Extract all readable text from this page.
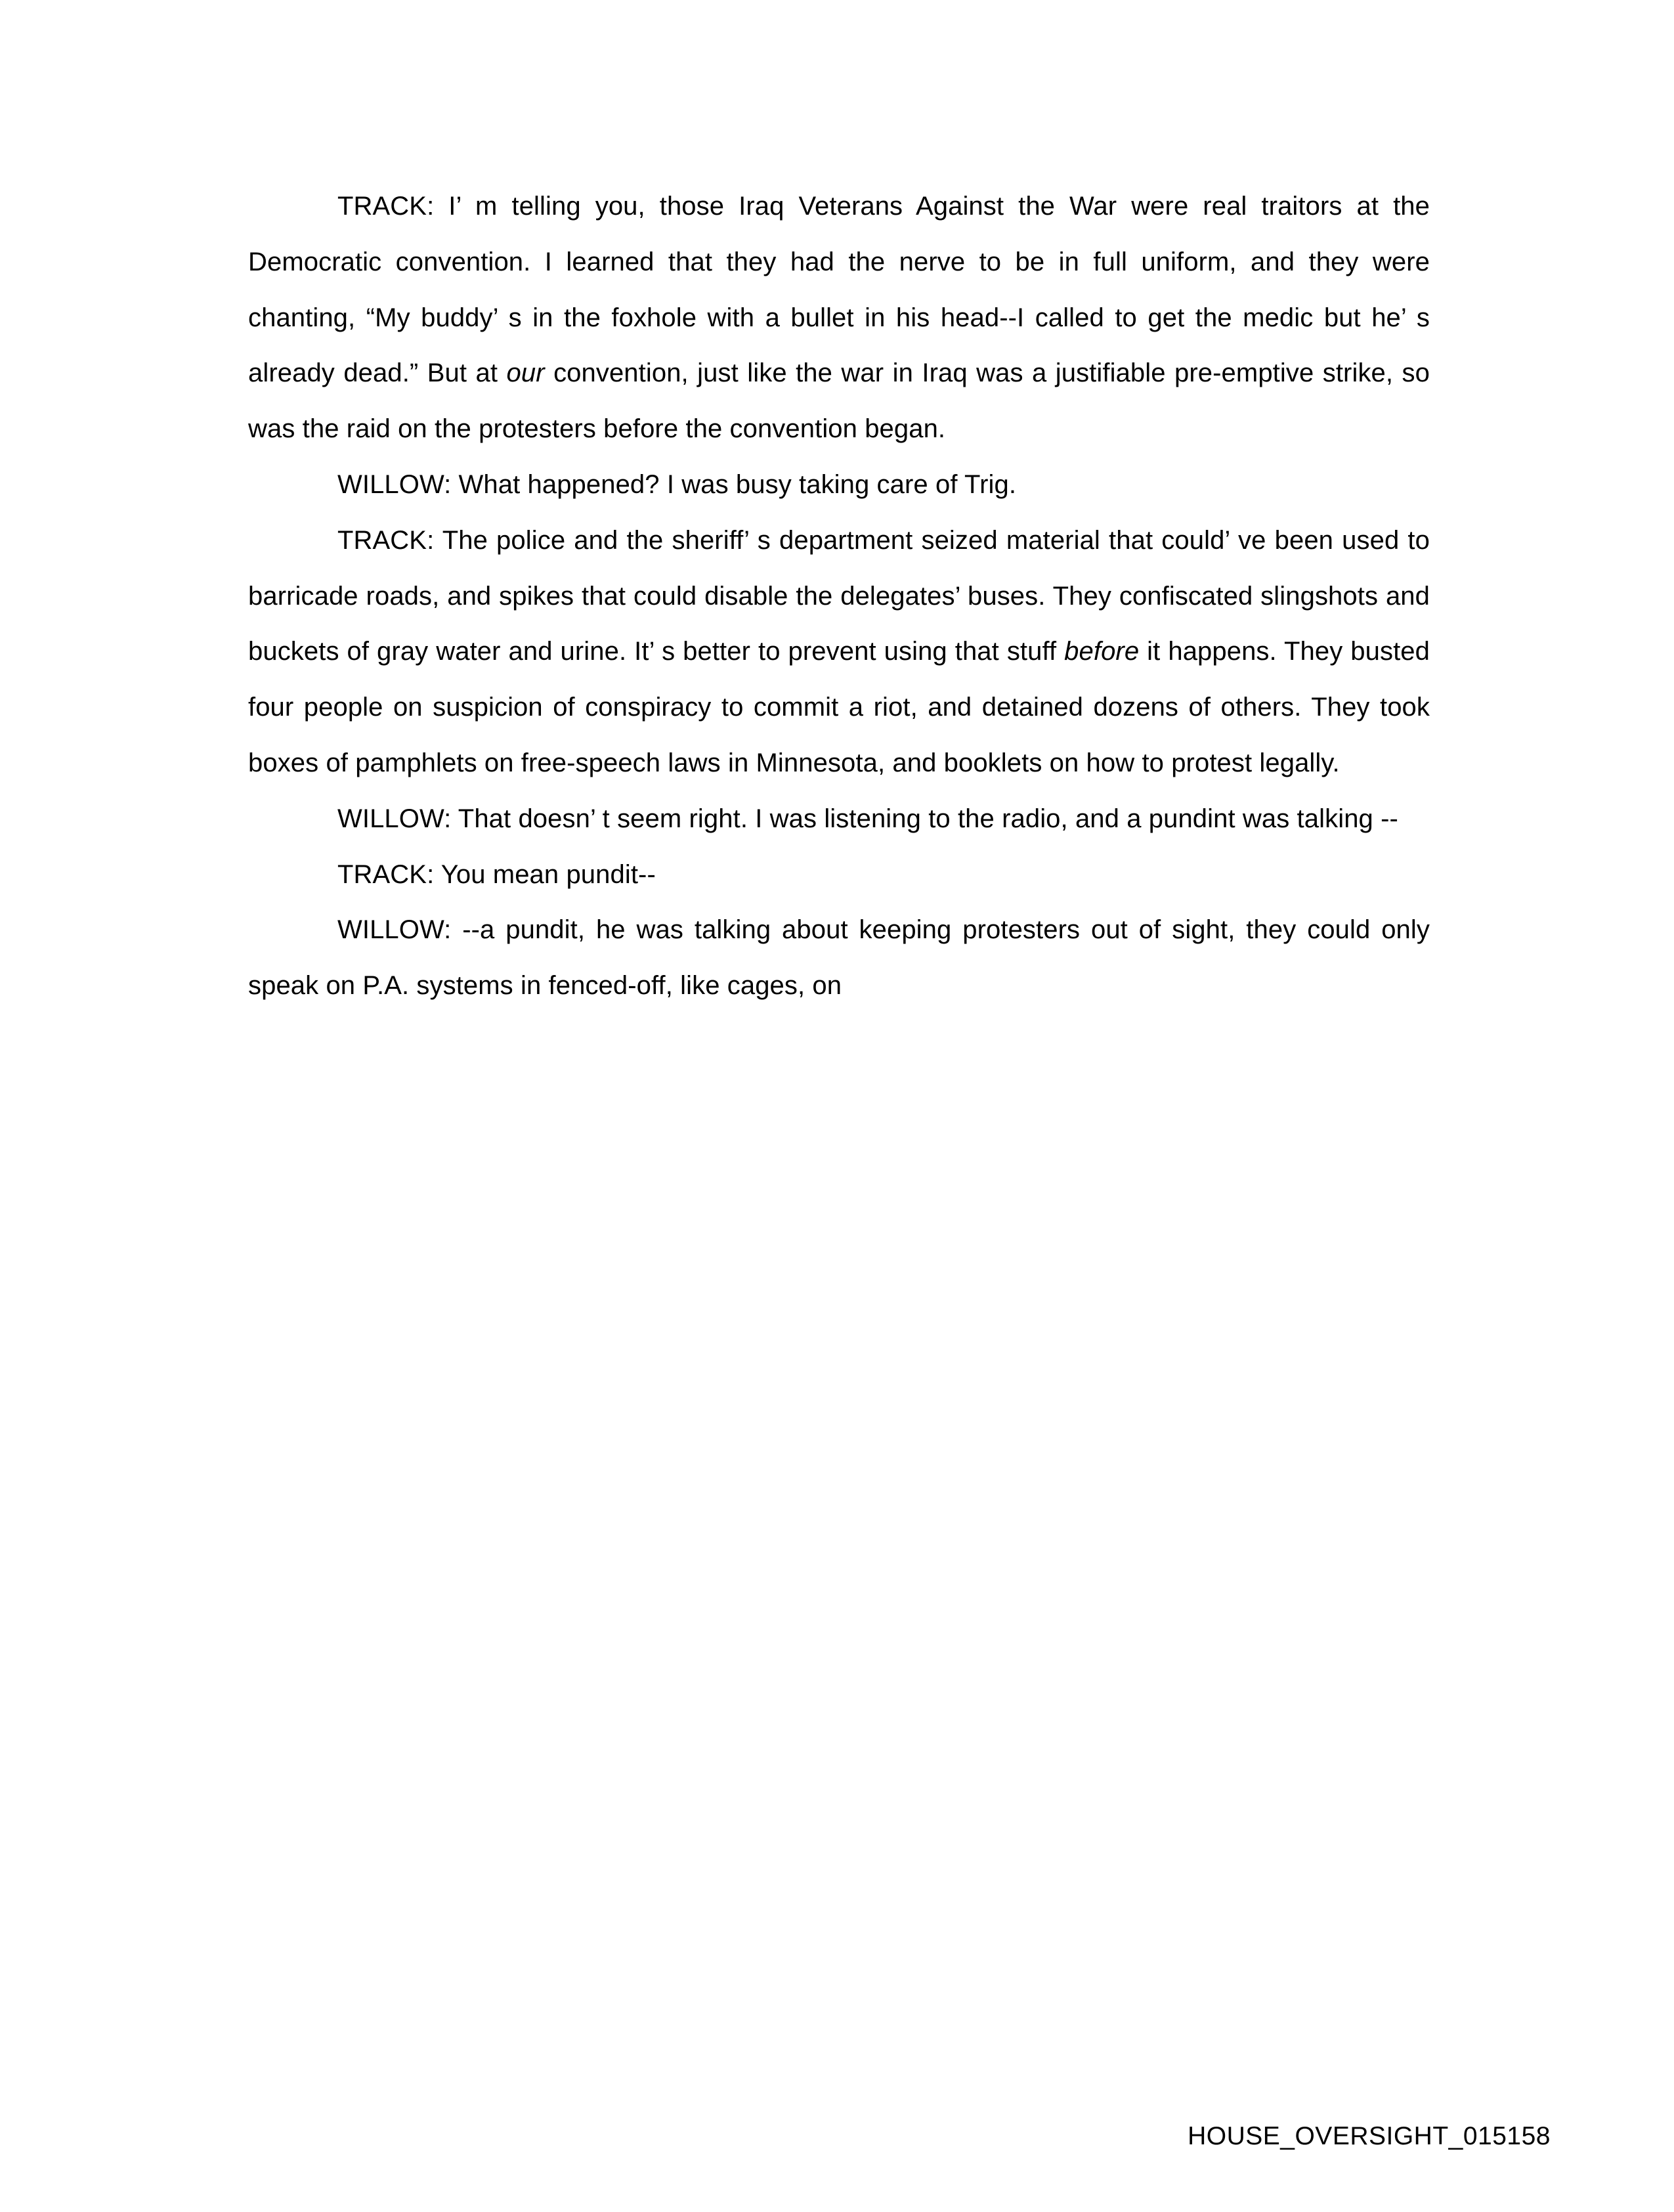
TRACK: I’ m telling you, those Iraq Veterans Against the War were real traitors at the Democratic convention. I learned that they had the nerve to be in full uniform, and they were chanting, “My buddy’ s in the foxhole with a bullet in his head--I called to get the medic but he’ s already dead.” But at our convention, just like the war in Iraq was a justifiable pre-emptive strike, so was the raid on the protesters before the convention began.

WILLOW: What happened? I was busy taking care of Trig.

TRACK: The police and the sheriff’ s department seized material that could’ ve been used to barricade roads, and spikes that could disable the delegates’ buses. They confiscated slingshots and buckets of gray water and urine. It’ s better to prevent using that stuff before it happens. They busted four people on suspicion of conspiracy to commit a riot, and detained dozens of others. They took boxes of pamphlets on free-speech laws in Minnesota, and booklets on how to protest legally.

WILLOW: That doesn’ t seem right. I was listening to the radio, and a pundint was talking --

TRACK: You mean pundit--

WILLOW: --a pundit, he was talking about keeping protesters out of sight, they could only speak on P.A. systems in fenced-off, like cages, on

HOUSE_OVERSIGHT_015158
